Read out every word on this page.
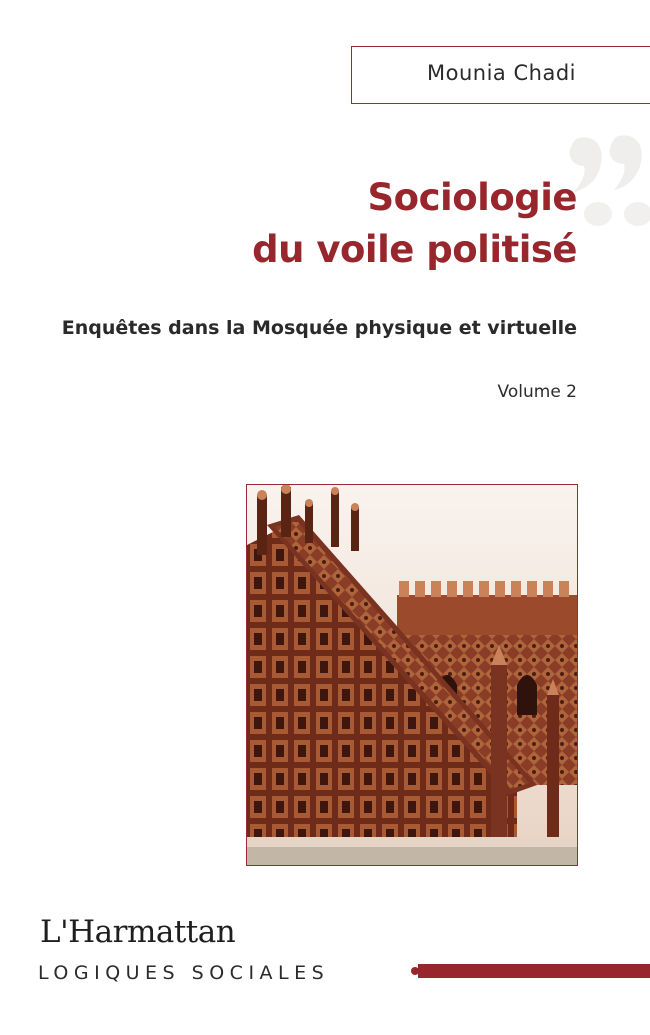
Mounia Chadi
Sociologie
du voile politisé
Enquêtes dans la Mosquée physique et virtuelle
Volume 2
L'Harmattan
LOGIQUES SOCIALES
